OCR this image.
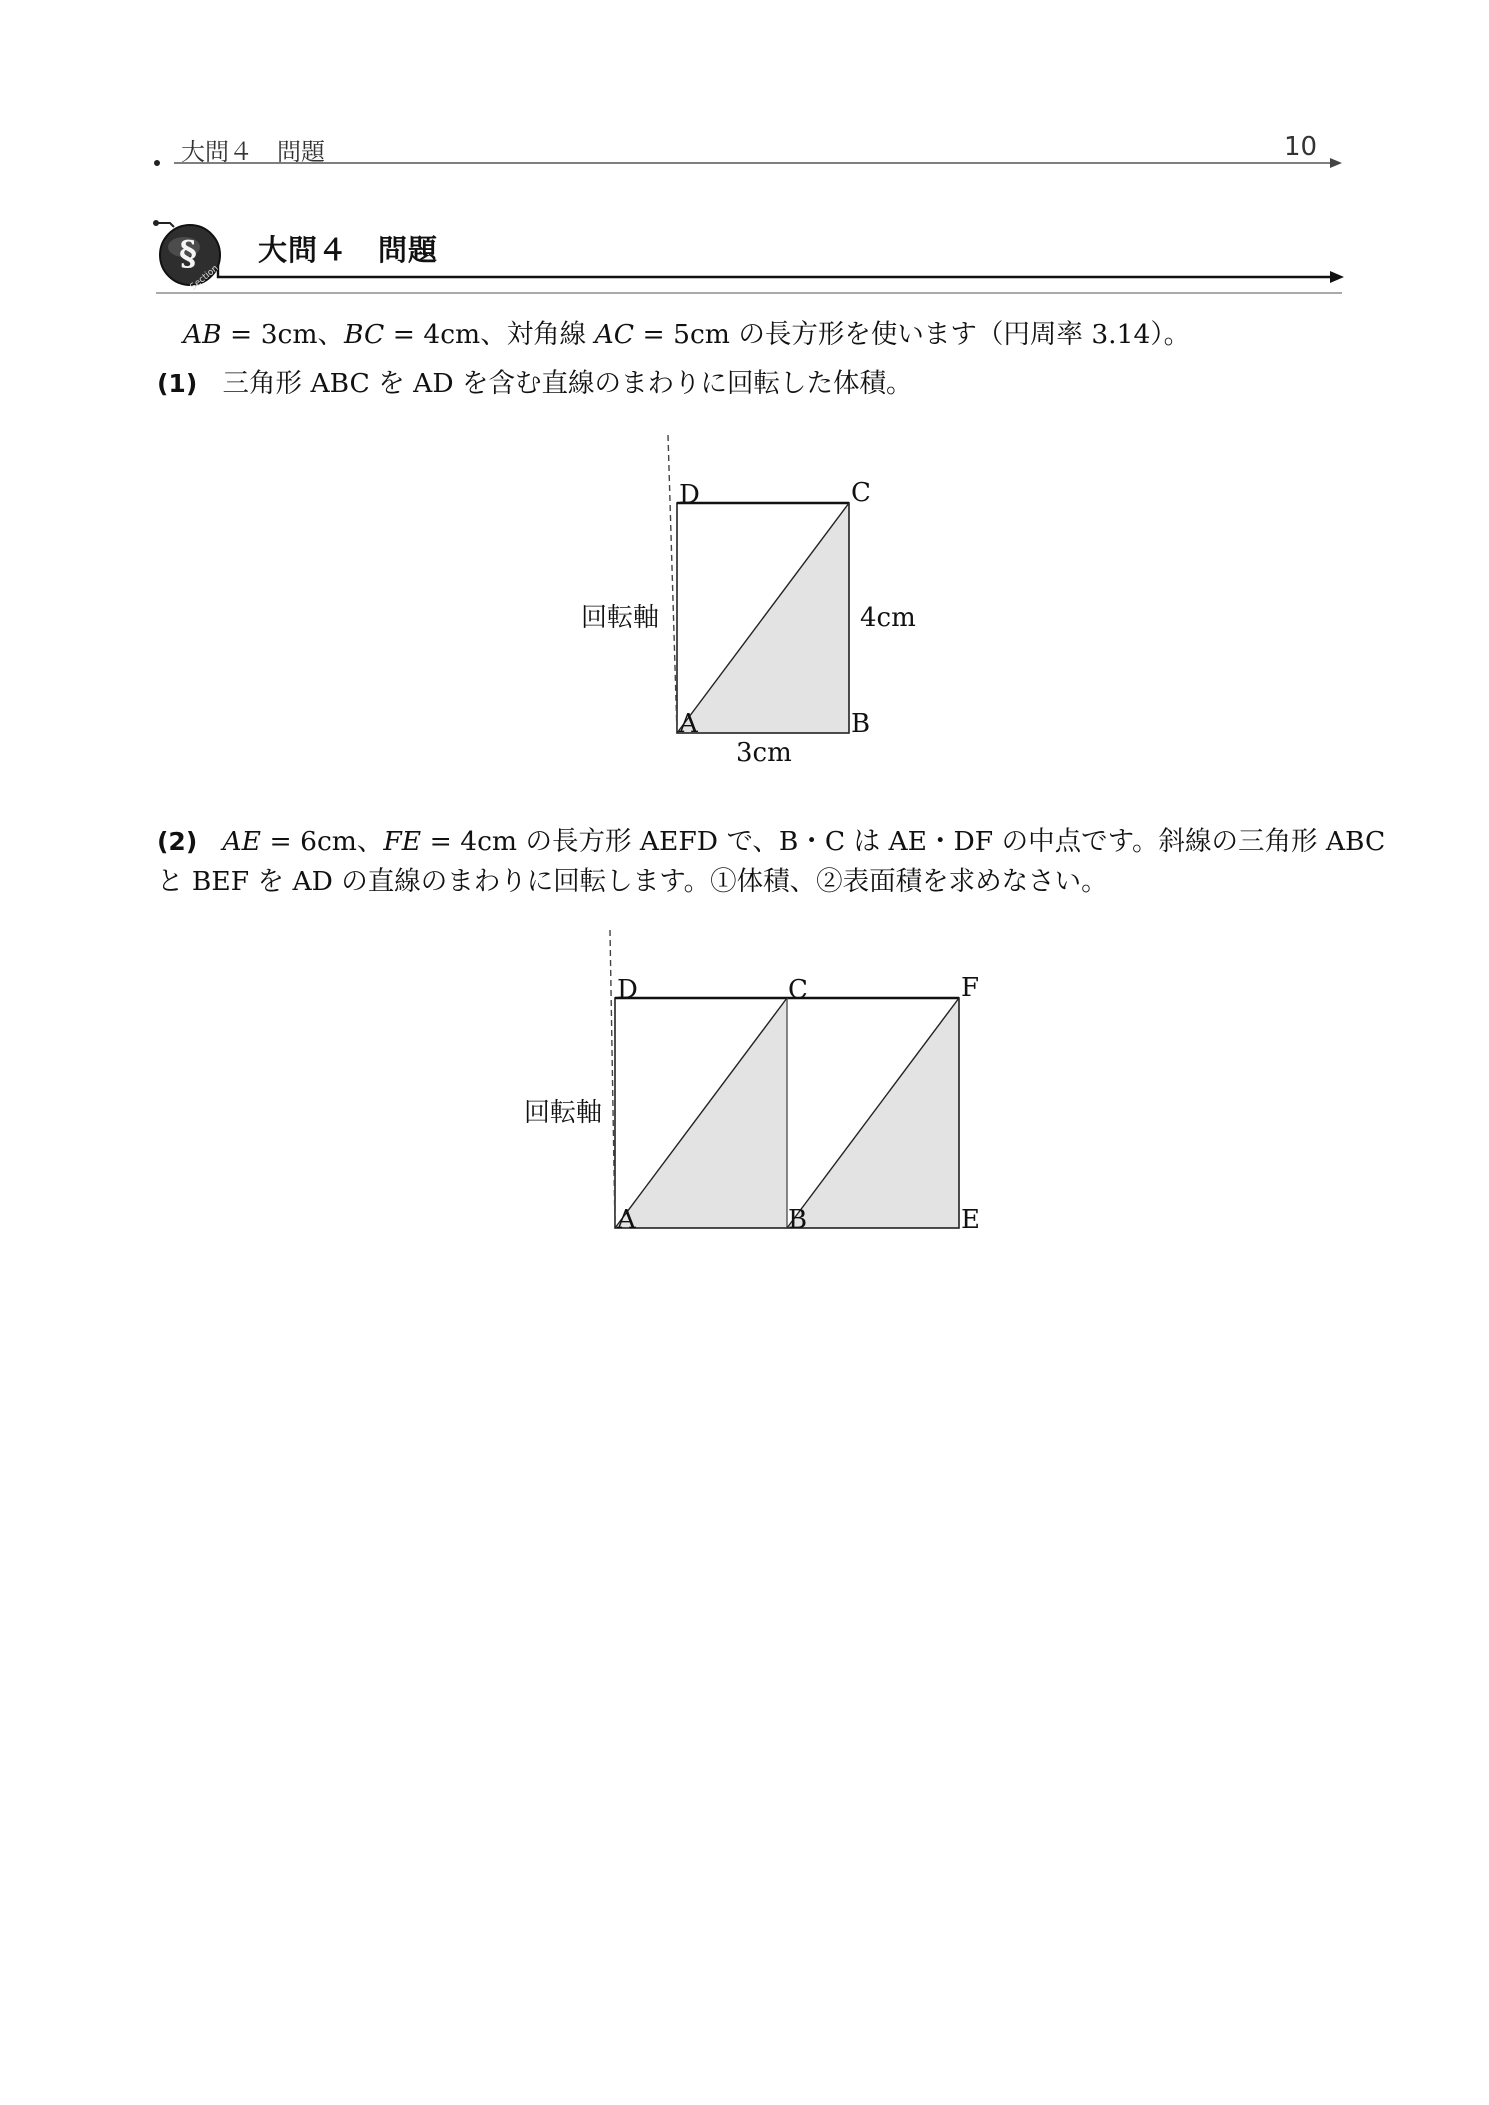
大問４　問題	10
§
Section
大問４　問題
AB = 3cm、BC = 4cm、対角線 AC = 5cm の長方形を使います（円周率 3.14）。
(1) 三角形 ABC を AD を含む直線のまわりに回転した体積。
D	C
A	B
回転軸	4cm
3cm
(2) AE = 6cm、FE = 4cm の長方形 AEFD で、B・C は AE・DF の中点です。斜線の三角形 ABC
と BEF を AD の直線のまわりに回転します。①体積、②表面積を求めなさい。
D	C	F
A	B	E
回転軸
